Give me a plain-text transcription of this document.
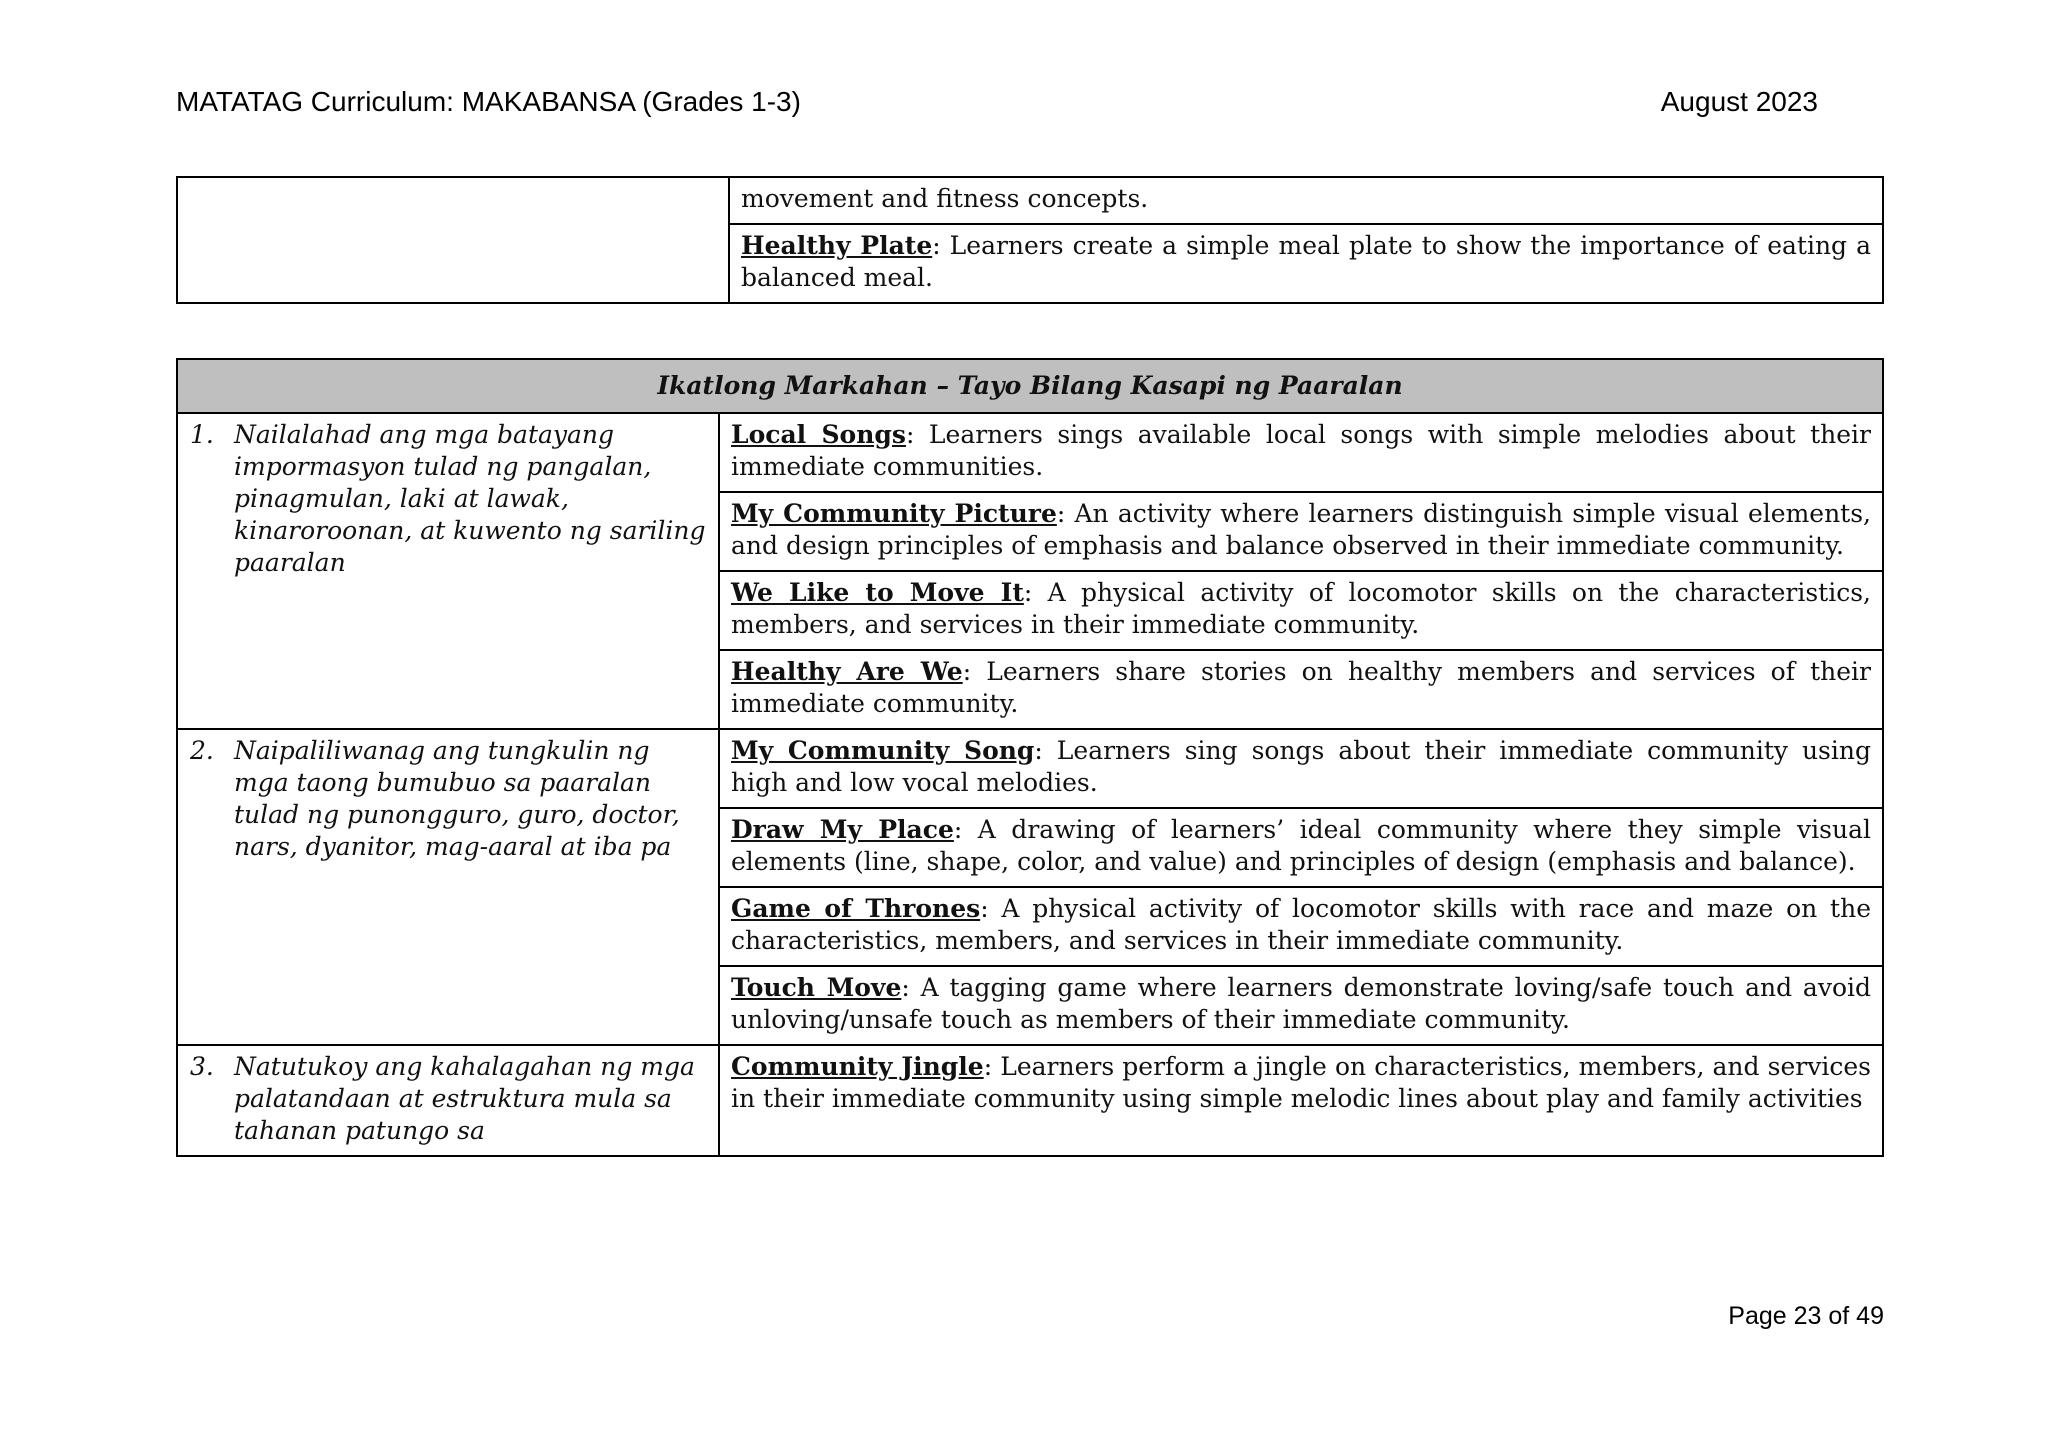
MATATAG Curriculum: MAKABANSA (Grades 1-3)	August 2023
	movement and fitness concepts.
Healthy Plate: Learners create a simple meal plate to show the importance of eating a balanced meal.
Ikatlong Markahan – Tayo Bilang Kasapi ng Paaralan	

1. Nailalahad ang mga batayang impormasyon tulad ng pangalan, pinagmulan, laki at lawak, kinaroroonan, at kuwento ng sariling paaralan	Local Songs: Learners sings available local songs with simple melodies about their immediate communities.
	My Community Picture: An activity where learners distinguish simple visual elements, and design principles of emphasis and balance observed in their immediate community.
	We Like to Move It: A physical activity of locomotor skills on the characteristics, members, and services in their immediate community.
	Healthy Are We: Learners share stories on healthy members and services of their immediate community.

2. Naipaliliwanag ang tungkulin ng mga taong bumubuo sa paaralan tulad ng punongguro, guro, doctor, nars, dyanitor, mag-aaral at iba pa	My Community Song: Learners sing songs about their immediate community using high and low vocal melodies.
	Draw My Place: A drawing of learners’ ideal community where they simple visual elements (line, shape, color, and value) and principles of design (emphasis and balance).
	Game of Thrones: A physical activity of locomotor skills with race and maze on the characteristics, members, and services in their immediate community.
	Touch Move: A tagging game where learners demonstrate loving/safe touch and avoid unloving/unsafe touch as members of their immediate community.

3. Natutukoy ang kahalagahan ng mga palatandaan at estruktura mula sa tahanan patungo sa	Community Jingle: Learners perform a jingle on characteristics, members, and services in their immediate community using simple melodic lines about play and family activities
Page 23 of 49
